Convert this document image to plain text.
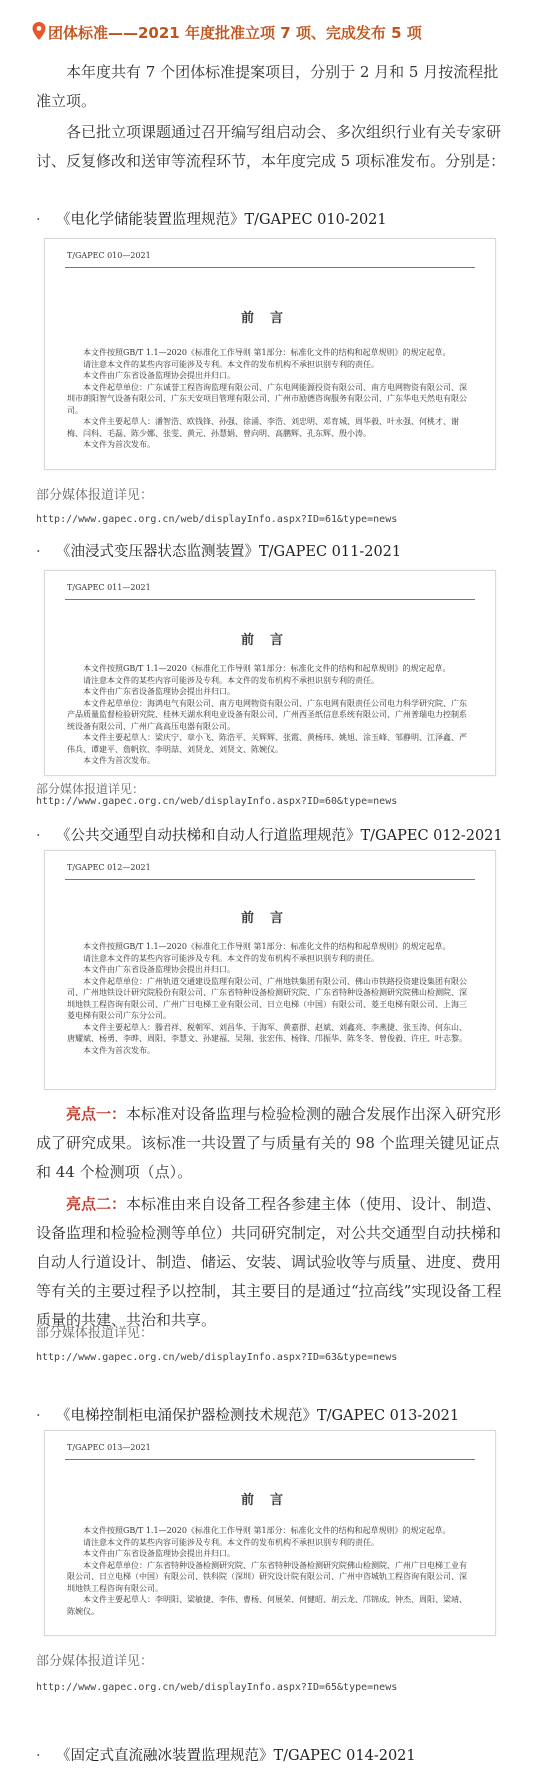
团体标准——2021 年度批准立项 7 项、完成发布 5 项

本年度共有 7 个团体标准提案项目，分别于 2 月和 5 月按流程批准立项。

各已批立项课题通过召开编写组启动会、多次组织行业有关专家研讨、反复修改和送审等流程环节，本年度完成 5 项标准发布。分别是：

· 《电化学储能装置监理规范》T/GAPEC 010-2021
T/GAPEC 010—2021
前言
本文件按照GB/T 1.1—2020《标准化工作导则 第1部分：标准化文件的结构和起草规则》的规定起草。
请注意本文件的某些内容可能涉及专利。本文件的发布机构不承担识别专利的责任。
本文件由广东省设备监理协会提出并归口。
本文件起草单位：广东诚誉工程咨询监理有限公司、广东电网能源投资有限公司、南方电网物资有限公司、深圳市朗阳智气设备有限公司、广东天安项目管理有限公司、广州市励德咨询服务有限公司、广东华电天然电有限公司。
本文件主要起草人：潘智浩、欧钱锋、孙强、徐涌、李浩、刘忠明、邓育城、周华毅、叶永强、何桃才、谢梅、闫科、毛磊、陈少娜、张雯、黄元、孙慧娟、曾向明、高鹏辉、孔东辉、殷小涛。
本文件为首次发布。
部分媒体报道详见：
http://www.gapec.org.cn/web/displayInfo.aspx?ID=61&type=news
· 《油浸式变压器状态监测装置》T/GAPEC 011-2021
T/GAPEC 011—2021
前言
本文件按照GB/T 1.1—2020《标准化工作导则 第1部分：标准化文件的结构和起草规则》的规定起草。
请注意本文件的某些内容可能涉及专利。本文件的发布机构不承担识别专利的责任。
本文件由广东省设备监理协会提出并归口。
本文件起草单位：海鸿电气有限公司、南方电网物资有限公司、广东电网有限责任公司电力科学研究院、广东产品质量监督检验研究院、桂林天湖水利电业设备有限公司、广州西圣纸信息系统有限公司、广州普瑞电力控制系统设备有限公司、广州广高高压电器有限公司。
本文件主要起草人：梁庆宁、章小飞、陈浩平、关辉辉、张霞、黄杨玮、姚旭、涂玉峰、邹静明、江泽鑫、严伟兵、谭建平、詹帆钦、李明喆、刘贤龙、刘贤文、陈婉仪。
本文件为首次发布。
部分媒体报道详见：
http://www.gapec.org.cn/web/displayInfo.aspx?ID=60&type=news
· 《公共交通型自动扶梯和自动人行道监理规范》T/GAPEC 012-2021
T/GAPEC 012—2021
前言
本文件按照GB/T 1.1—2020《标准化工作导则 第1部分：标准化文件的结构和起草规则》的规定起草。
请注意本文件的某些内容可能涉及专利。本文件的发布机构不承担识别专利的责任。
本文件由广东省设备监理协会提出并归口。
本文件起草单位：广州轨道交通建设监理有限公司、广州地铁集团有限公司、佛山市铁路投资建设集团有限公司、广州地铁设计研究院股份有限公司、广东省特种设备检测研究院、广东省特种设备检测研究院佛山检测院、深圳地铁工程咨询有限公司、广州广日电梯工业有限公司、日立电梯（中国）有限公司、菱王电梯有限公司、上海三菱电梯有限公司广东分公司。
本文件主要起草人：滕君祥、税朝军、刘昌华、于海军、黄嘉群、赵斌、刘鑫亮、李燕捷、张玉涛、何东山、唐耀斌、杨勇、李晔、周阳、李慧文、孙建福、吴翔、张宏伟、杨锋、邝振华、陈冬冬、曾俊毅、许庄、叶志黎。
本文件为首次发布。

亮点一：本标准对设备监理与检验检测的融合发展作出深入研究形成了研究成果。该标准一共设置了与质量有关的 98 个监理关键见证点和 44 个检测项（点）。

亮点二：本标准由来自设备工程各参建主体（使用、设计、制造、设备监理和检验检测等单位）共同研究制定，对公共交通型自动扶梯和自动人行道设计、制造、储运、安装、调试验收等与质量、进度、费用等有关的主要过程予以控制，其主要目的是通过“拉高线”实现设备工程质量的共建、共治和共享。

部分媒体报道详见：
http://www.gapec.org.cn/web/displayInfo.aspx?ID=63&type=news
· 《电梯控制柜电涌保护器检测技术规范》T/GAPEC 013-2021
T/GAPEC 013—2021
前言
本文件按照GB/T 1.1—2020《标准化工作导则 第1部分：标准化文件的结构和起草规则》的规定起草。
请注意本文件的某些内容可能涉及专利。本文件的发布机构不承担识别专利的责任。
本文件由广东省设备监理协会提出并归口。
本文件起草单位：广东省特种设备检测研究院、广东省特种设备检测研究院佛山检测院、广州广日电梯工业有限公司、日立电梯（中国）有限公司、铁科院（深圳）研究设计院有限公司、广州中咨城轨工程咨询有限公司、深圳地铁工程咨询有限公司。
本文件主要起草人：李明阳、梁敏捷、李伟、曹杨、何展荣、何健昭、胡云龙、邝锦成、钟杰、周阳、梁靖、陈婉仪。
部分媒体报道详见：
http://www.gapec.org.cn/web/displayInfo.aspx?ID=65&type=news
· 《固定式直流融冰装置监理规范》T/GAPEC 014-2021
